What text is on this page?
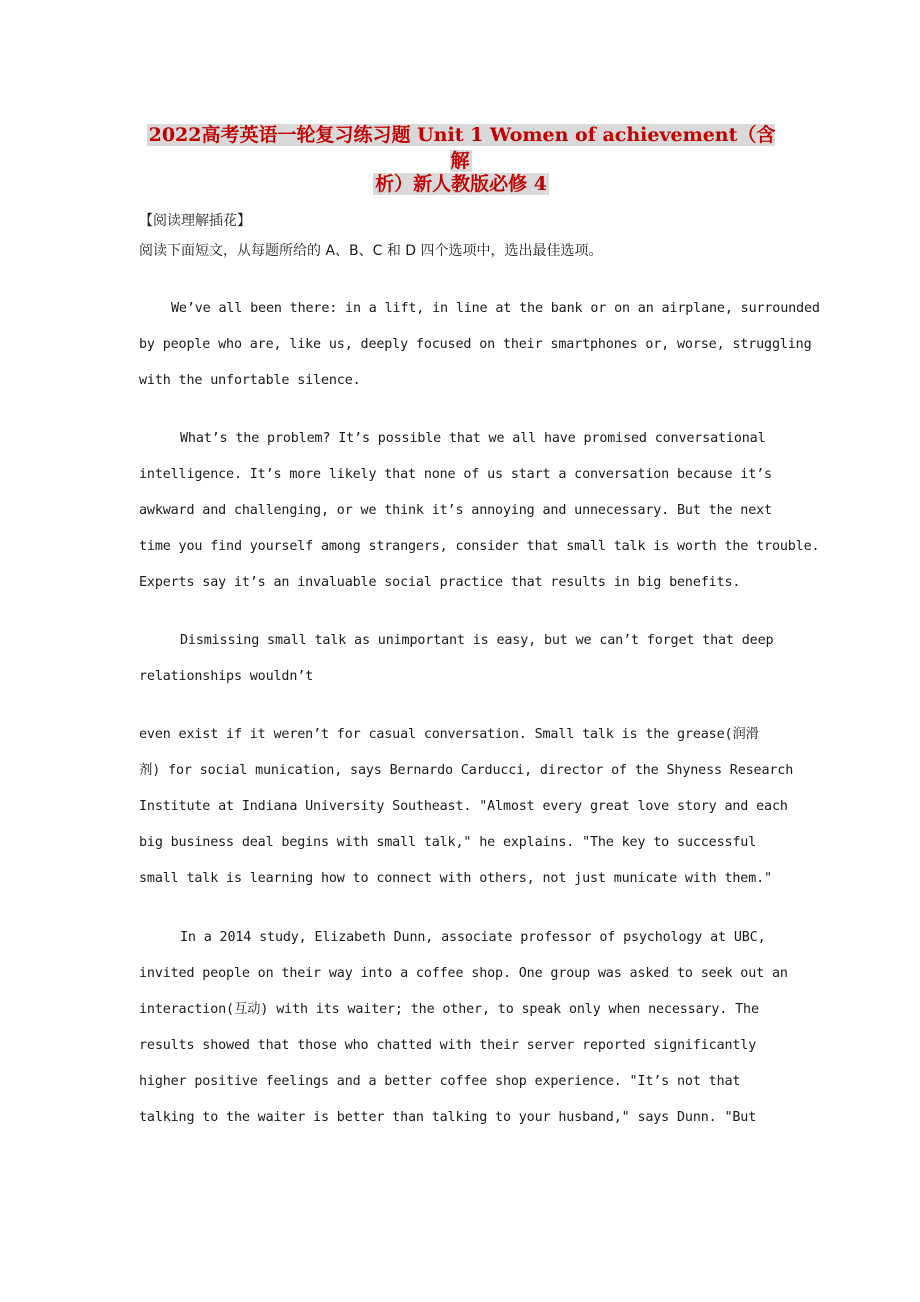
2022高考英语一轮复习练习题 Unit 1 Women of achievement（含解
析）新人教版必修 4
【阅读理解插花】
阅读下面短文，从每题所给的 A、B、C 和 D 四个选项中，选出最佳选项。
We’ve all been there: in a lift, in line at the bank or on an airplane, surrounded
by people who are, like us, deeply focused on their smartphones or, worse, struggling
with the unfortable silence.
What’s the problem? It’s possible that we all have promised conversational
intelligence. It’s more likely that none of us start a conversation because it’s
awkward and challenging, or we think it’s annoying and unnecessary. But the next
time you find yourself among strangers, consider that small talk is worth the trouble.
Experts say it’s an invaluable social practice that results in big benefits.
Dismissing small talk as unimportant is easy, but we can’t forget that deep
relationships wouldn’t
even exist if it weren’t for casual conversation. Small talk is the grease(润滑
剂) for social munication, says Bernardo Carducci, director of the Shyness Research
Institute at Indiana University Southeast. "Almost every great love story and each
big business deal begins with small talk," he explains. "The key to successful
small talk is learning how to connect with others, not just municate with them."
In a 2014 study, Elizabeth Dunn, associate professor of psychology at UBC,
invited people on their way into a coffee shop. One group was asked to seek out an
interaction(互动) with its waiter; the other, to speak only when necessary. The
results showed that those who chatted with their server reported significantly
higher positive feelings and a better coffee shop experience. "It’s not that
talking to the waiter is better than talking to your husband," says Dunn. "But
